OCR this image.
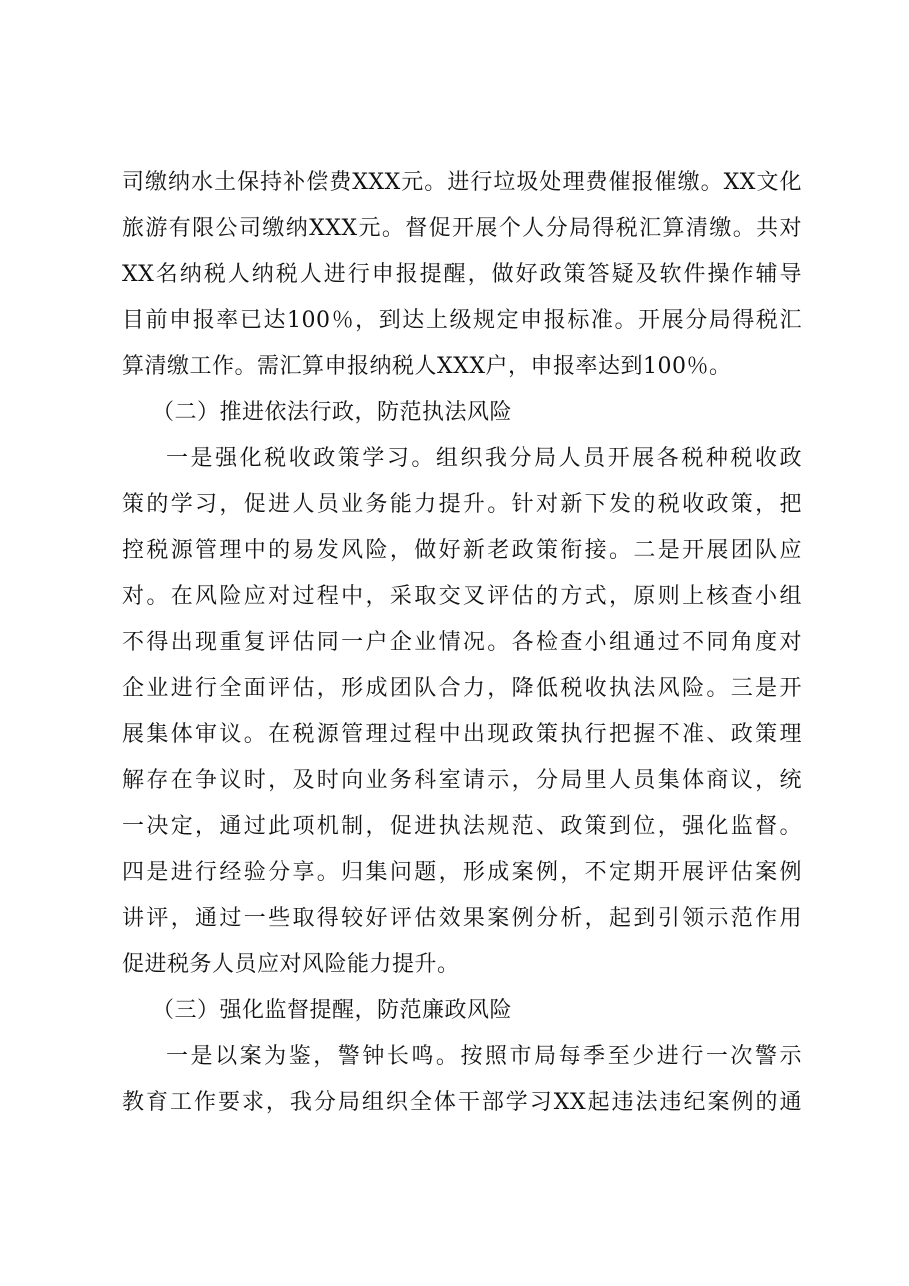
司缴纳水土保持补偿费XXX元。进行垃圾处理费催报催缴。XX文化
旅游有限公司缴纳XXX元。督促开展个人分局得税汇算清缴。共对
XX名纳税人纳税人进行申报提醒，做好政策答疑及软件操作辅导
目前申报率已达100％，到达上级规定申报标准。开展分局得税汇
算清缴工作。需汇算申报纳税人XXX户，申报率达到100％。
（二）推进依法行政，防范执法风险
一是强化税收政策学习。组织我分局人员开展各税种税收政
策的学习，促进人员业务能力提升。针对新下发的税收政策，把
控税源管理中的易发风险，做好新老政策衔接。二是开展团队应
对。在风险应对过程中，采取交叉评估的方式，原则上核查小组
不得出现重复评估同一户企业情况。各检查小组通过不同角度对
企业进行全面评估，形成团队合力，降低税收执法风险。三是开
展集体审议。在税源管理过程中出现政策执行把握不准、政策理
解存在争议时，及时向业务科室请示，分局里人员集体商议，统
一决定，通过此项机制，促进执法规范、政策到位，强化监督。
四是进行经验分享。归集问题，形成案例，不定期开展评估案例
讲评，通过一些取得较好评估效果案例分析，起到引领示范作用
促进税务人员应对风险能力提升。
（三）强化监督提醒，防范廉政风险
一是以案为鉴，警钟长鸣。按照市局每季至少进行一次警示
教育工作要求，我分局组织全体干部学习XX起违法违纪案例的通
